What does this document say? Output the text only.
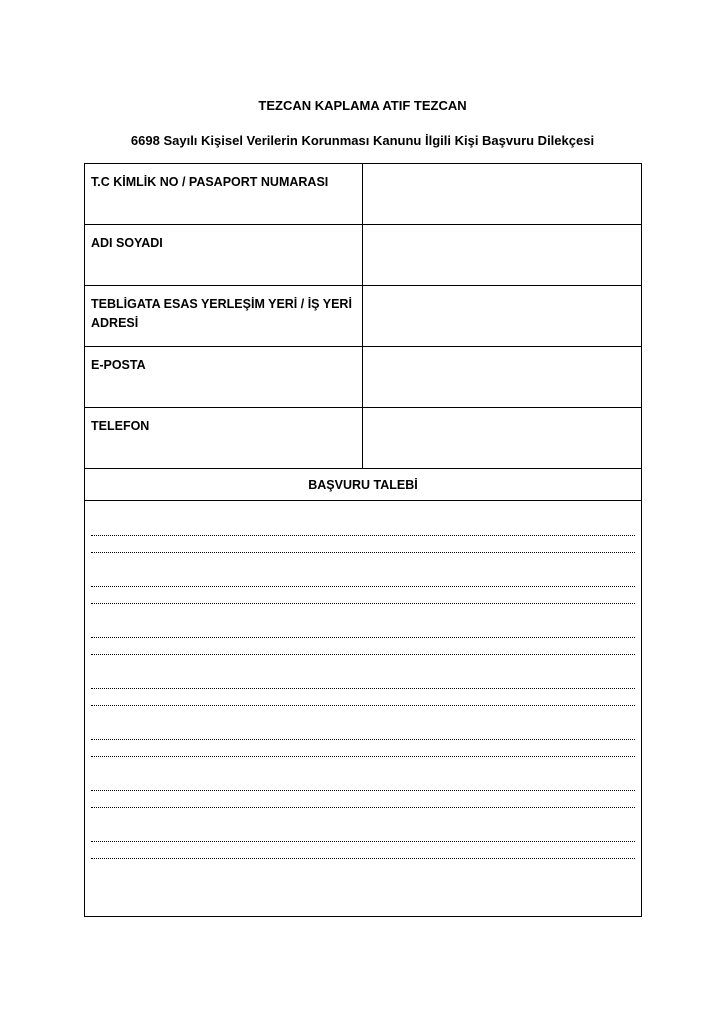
TEZCAN KAPLAMA ATIF TEZCAN
6698 Sayılı Kişisel Verilerin Korunması Kanunu İlgili Kişi Başvuru Dilekçesi
T.C KİMLİK NO / PASAPORT NUMARASI
ADI SOYADI
TEBLİGATA ESAS YERLEŞİM YERİ / İŞ YERİ ADRESİ
E-POSTA
TELEFON
BAŞVURU TALEBİ
